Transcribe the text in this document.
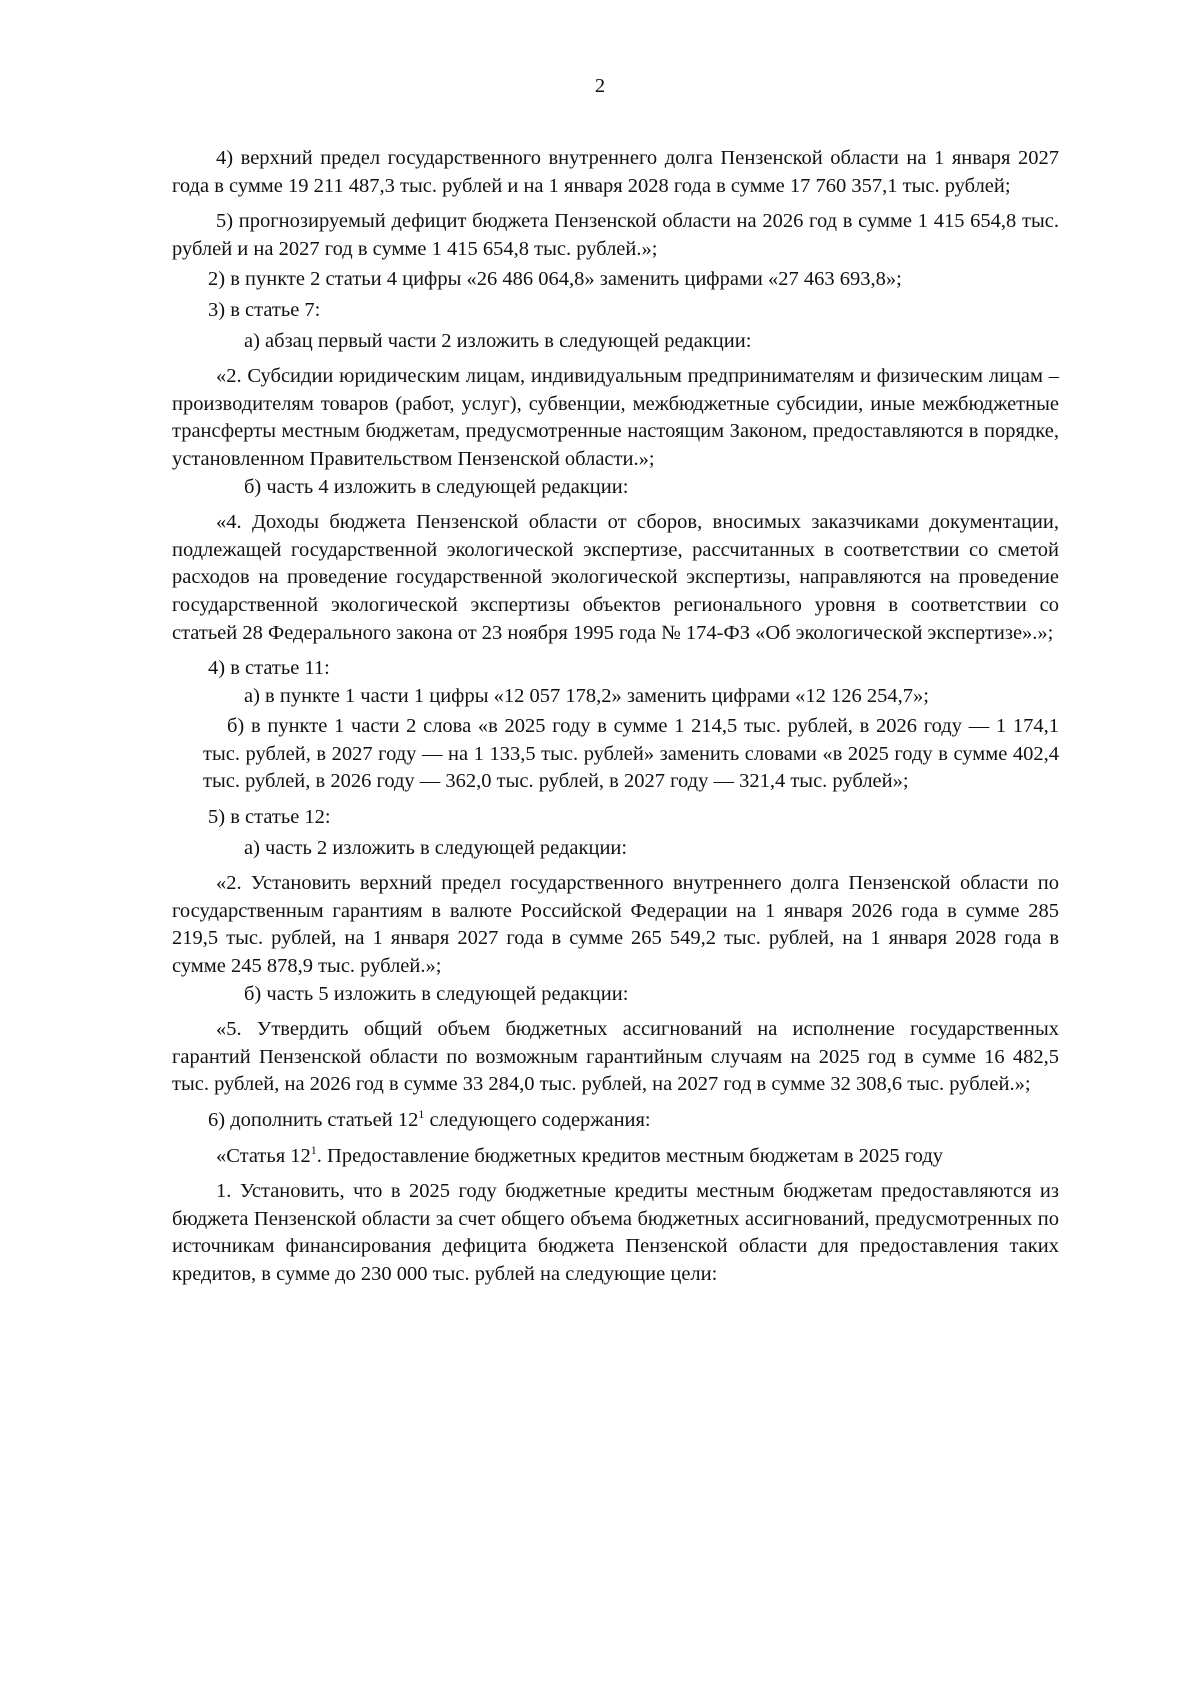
2

4) верхний предел государственного внутреннего долга Пензенской области на 1 января 2027 года в сумме 19 211 487,3 тыс. рублей и на 1 января 2028 года в сумме 17 760 357,1 тыс. рублей;

5) прогнозируемый дефицит бюджета Пензенской области на 2026 год в сумме 1 415 654,8 тыс. рублей и на 2027 год в сумме 1 415 654,8 тыс. рублей.»;

2) в пункте 2 статьи 4 цифры «26 486 064,8» заменить цифрами «27 463 693,8»;

3) в статье 7:

а) абзац первый части 2 изложить в следующей редакции:

«2. Субсидии юридическим лицам, индивидуальным предпринимателям и физическим лицам – производителям товаров (работ, услуг), субвенции, межбюджетные субсидии, иные межбюджетные трансферты местным бюджетам, предусмотренные настоящим Законом, предоставляются в порядке, установленном Правительством Пензенской области.»;

б) часть 4 изложить в следующей редакции:

«4. Доходы бюджета Пензенской области от сборов, вносимых заказчиками документации, подлежащей государственной экологической экспертизе, рассчитанных в соответствии со сметой расходов на проведение государственной экологической экспертизы, направляются на проведение государственной экологической экспертизы объектов регионального уровня в соответствии со статьей 28 Федерального закона от 23 ноября 1995 года № 174-ФЗ «Об экологической экспертизе».»;

4) в статье 11:

а) в пункте 1 части 1 цифры «12 057 178,2» заменить цифрами «12 126 254,7»;

б) в пункте 1 части 2 слова «в 2025 году в сумме 1 214,5 тыс. рублей, в 2026 году — 1 174,1 тыс. рублей, в 2027 году — на 1 133,5 тыс. рублей» заменить словами «в 2025 году в сумме 402,4 тыс. рублей, в 2026 году — 362,0 тыс. рублей, в 2027 году — 321,4 тыс. рублей»;

5) в статье 12:

а) часть 2 изложить в следующей редакции:

«2. Установить верхний предел государственного внутреннего долга Пензенской области по государственным гарантиям в валюте Российской Федерации на 1 января 2026 года в сумме 285 219,5 тыс. рублей, на 1 января 2027 года в сумме 265 549,2 тыс. рублей, на 1 января 2028 года в сумме 245 878,9 тыс. рублей.»;

б) часть 5 изложить в следующей редакции:

«5. Утвердить общий объем бюджетных ассигнований на исполнение государственных гарантий Пензенской области по возможным гарантийным случаям на 2025 год в сумме 16 482,5 тыс. рублей, на 2026 год в сумме 33 284,0 тыс. рублей, на 2027 год в сумме 32 308,6 тыс. рублей.»;

6) дополнить статьей $12^1$ следующего содержания:

«Статья $12^1$. Предоставление бюджетных кредитов местным бюджетам в 2025 году

1. Установить, что в 2025 году бюджетные кредиты местным бюджетам предоставляются из бюджета Пензенской области за счет общего объема бюджетных ассигнований, предусмотренных по источникам финансирования дефицита бюджета Пензенской области для предоставления таких кредитов, в сумме до 230 000 тыс. рублей на следующие цели:
